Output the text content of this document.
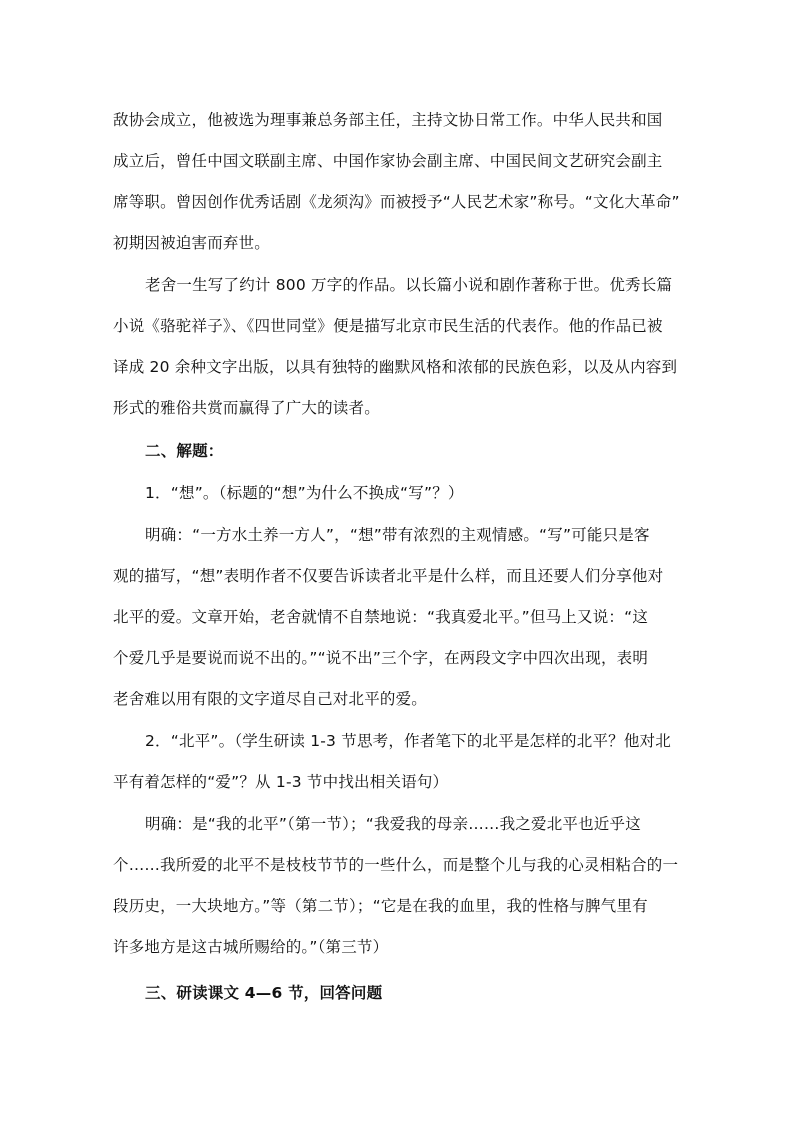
敌协会成立，他被选为理事兼总务部主任，主持文协日常工作。中华人民共和国
成立后，曾任中国文联副主席、中国作家协会副主席、中国民间文艺研究会副主
席等职。曾因创作优秀话剧《龙须沟》而被授予“人民艺术家”称号。“文化大革命”
初期因被迫害而弃世。
老舍一生写了约计 800 万字的作品。以长篇小说和剧作著称于世。优秀长篇
小说《骆驼祥子》、《四世同堂》便是描写北京市民生活的代表作。他的作品已被
译成 20 余种文字出版，以具有独特的幽默风格和浓郁的民族色彩，以及从内容到
形式的雅俗共赏而赢得了广大的读者。
二、解题：
1．“想”。（标题的“想”为什么不换成“写”？）
明确：“一方水土养一方人”，“想”带有浓烈的主观情感。“写”可能只是客
观的描写，“想”表明作者不仅要告诉读者北平是什么样，而且还要人们分享他对
北平的爱。文章开始，老舍就情不自禁地说：“我真爱北平。”但马上又说：“这
个爱几乎是要说而说不出的。”“说不出”三个字，在两段文字中四次出现，表明
老舍难以用有限的文字道尽自己对北平的爱。
2．“北平”。（学生研读 1-3 节思考，作者笔下的北平是怎样的北平？他对北
平有着怎样的“爱”？从 1-3 节中找出相关语句）
明确：是“我的北平”（第一节）；“我爱我的母亲……我之爱北平也近乎这
个……我所爱的北平不是枝枝节节的一些什么，而是整个儿与我的心灵相粘合的一
段历史，一大块地方。”等（第二节）；“它是在我的血里，我的性格与脾气里有
许多地方是这古城所赐给的。”（第三节）
三、研读课文 4—6 节，回答问题
